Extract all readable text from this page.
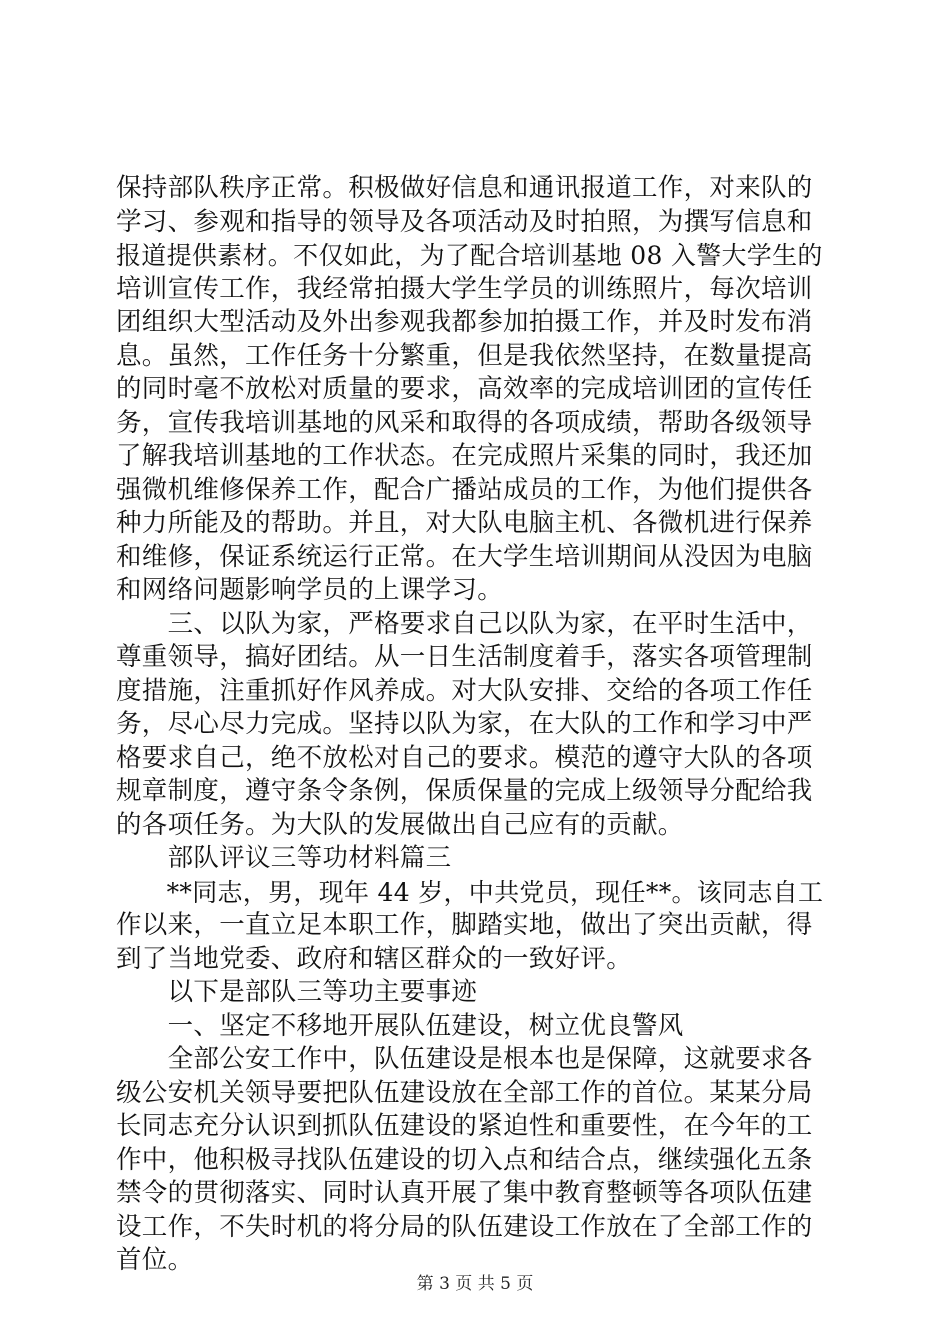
保持部队秩序正常。积极做好信息和通讯报道工作，对来队的
学习、参观和指导的领导及各项活动及时拍照，为撰写信息和
报道提供素材。不仅如此，为了配合培训基地 08 入警大学生的
培训宣传工作，我经常拍摄大学生学员的训练照片，每次培训
团组织大型活动及外出参观我都参加拍摄工作，并及时发布消
息。虽然，工作任务十分繁重，但是我依然坚持，在数量提高
的同时毫不放松对质量的要求，高效率的完成培训团的宣传任
务，宣传我培训基地的风采和取得的各项成绩，帮助各级领导
了解我培训基地的工作状态。在完成照片采集的同时，我还加
强微机维修保养工作，配合广播站成员的工作，为他们提供各
种力所能及的帮助。并且，对大队电脑主机、各微机进行保养
和维修，保证系统运行正常。在大学生培训期间从没因为电脑
和网络问题影响学员的上课学习。
　　三、以队为家，严格要求自己以队为家，在平时生活中，
尊重领导，搞好团结。从一日生活制度着手，落实各项管理制
度措施，注重抓好作风养成。对大队安排、交给的各项工作任
务，尽心尽力完成。坚持以队为家，在大队的工作和学习中严
格要求自己，绝不放松对自己的要求。模范的遵守大队的各项
规章制度，遵守条令条例，保质保量的完成上级领导分配给我
的各项任务。为大队的发展做出自己应有的贡献。
　　部队评议三等功材料篇三
　　**同志，男，现年 44 岁，中共党员，现任**。该同志自工
作以来，一直立足本职工作，脚踏实地，做出了突出贡献，得
到了当地党委、政府和辖区群众的一致好评。
　　以下是部队三等功主要事迹
　　一、坚定不移地开展队伍建设，树立优良警风
　　全部公安工作中，队伍建设是根本也是保障，这就要求各
级公安机关领导要把队伍建设放在全部工作的首位。某某分局
长同志充分认识到抓队伍建设的紧迫性和重要性，在今年的工
作中，他积极寻找队伍建设的切入点和结合点，继续强化五条
禁令的贯彻落实、同时认真开展了集中教育整顿等各项队伍建
设工作，不失时机的将分局的队伍建设工作放在了全部工作的
首位。
第 3 页 共 5 页
